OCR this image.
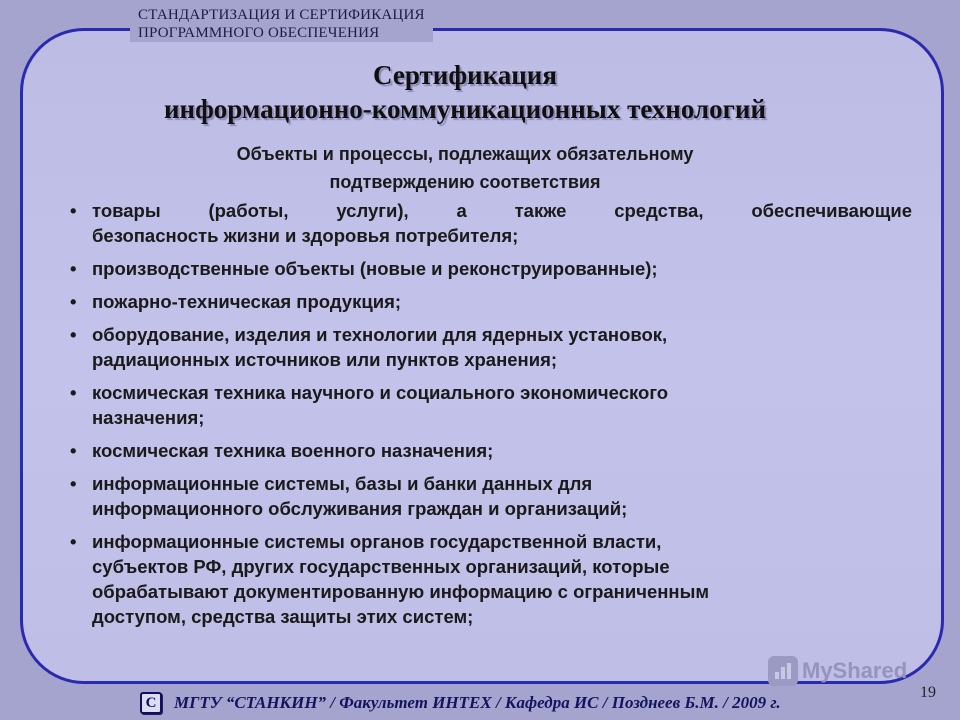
СТАНДАРТИЗАЦИЯ И СЕРТИФИКАЦИЯ
ПРОГРАММНОГО ОБЕСПЕЧЕНИЯ
Сертификация
информационно-коммуникационных технологий
Объекты и процессы, подлежащих обязательному
подтверждению соответствия
• товары (работы, услуги), а также средства, обеспечивающие
безопасность жизни и здоровья потребителя;
• производственные объекты (новые и реконструированные);
• пожарно-техническая продукция;
• оборудование, изделия и технологии для ядерных установок,
радиационных источников или пунктов хранения;
• космическая техника научного и социального экономического
назначения;
• космическая техника военного назначения;
• информационные системы, базы и банки данных для
информационного обслуживания граждан и организаций;
• информационные системы органов государственной власти,
субъектов РФ, других государственных организаций, которые
обрабатывают документированную информацию с ограниченным
доступом, средства защиты этих систем;
MyShared
19
C	МГТУ “СТАНКИН” / Факультет ИНТЕХ / Кафедра ИС / Позднеев Б.М. / 2009 г.
